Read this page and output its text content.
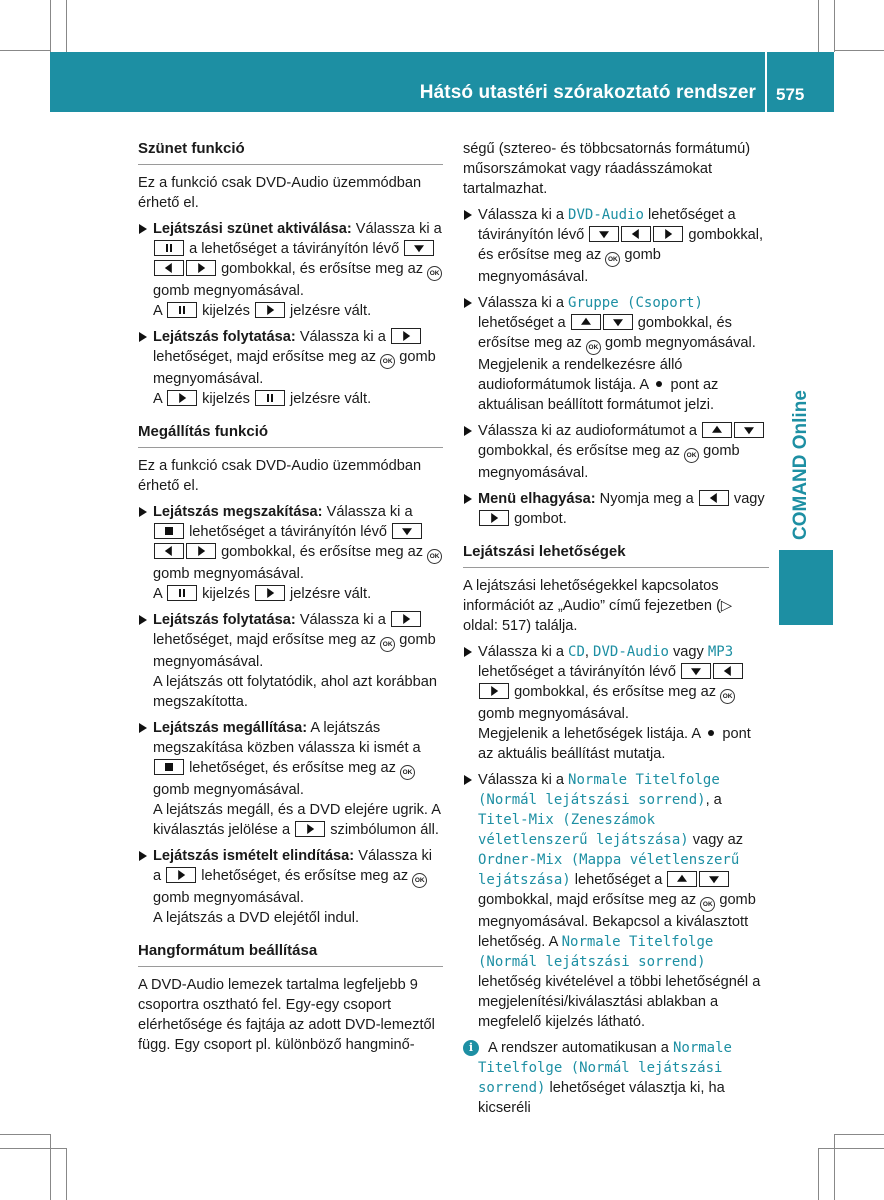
Hátsó utastéri szórakoztató rendszer 575
COMAND Online
Szünet funkció
Ez a funkció csak DVD-Audio üzemmódban érhető el.
Lejátszási szünet aktiválása: Válassza ki a  a lehetőséget a távirányítón lévő  gombokkal, és erősítse meg az OK gomb megnyomásával.
A	kijelzés	jelzésre vált.
Lejátszás folytatása: Válassza ki a  lehetőséget, majd erősítse meg az OK gomb megnyomásával.
A	kijelzés	jelzésre vált.
Megállítás funkció
Ez a funkció csak DVD-Audio üzemmódban érhető el.
Lejátszás megszakítása: Válassza ki a  lehetőséget a távirányítón lévő  gombokkal, és erősítse meg az OK gomb megnyomásával.
A	kijelzés	jelzésre vált.
Lejátszás folytatása: Válassza ki a  lehetőséget, majd erősítse meg az OK gomb megnyomásával.
A lejátszás ott folytatódik, ahol azt korábban megszakította.
Lejátszás megállítása: A lejátszás megszakítása közben válassza ki ismét a  lehetőséget, és erősítse meg az OK gomb megnyomásával.
A lejátszás megáll, és a DVD elejére ugrik. A kiválasztás jelölése a	szimbólumon áll.
Lejátszás ismételt elindítása: Válassza ki a	lehetőséget, és erősítse meg az OK gomb megnyomásával.
A lejátszás a DVD elejétől indul.
Hangformátum beállítása
A DVD-Audio lemezek tartalma legfeljebb 9 csoportra osztható fel. Egy-egy csoport elérhetősége és fajtája az adott DVD-lemeztől függ. Egy csoport pl. különböző hangminő-
ségű (sztereo- és többcsatornás formátumú) műsorszámokat vagy ráadásszámokat tartalmazhat.
Válassza ki a DVD-Audio lehetőséget a távirányítón lévő	gombokkal, és erősítse meg az OK gomb megnyomásával.
Válassza ki a Gruppe (Csoport) lehetőséget a	gombokkal, és erősítse meg az OK gomb megnyomásával.
Megjelenik a rendelkezésre álló audioformátumok listája. A pont az aktuálisan beállított formátumot jelzi.
Válassza ki az audioformátumot a  gombokkal, és erősítse meg az OK gomb megnyomásával.
Menü elhagyása: Nyomja meg a	vagy  gombot.
Lejátszási lehetőségek
A lejátszási lehetőségekkel kapcsolatos információt az „Audio” című fejezetben (▷ oldal: 517) találja.
Válassza ki a CD, DVD-Audio vagy MP3 lehetőséget a távirányítón lévő  gombokkal, és erősítse meg az OK gomb megnyomásával.
Megjelenik a lehetőségek listája. A pont az aktuális beállítást mutatja.
Válassza ki a Normale Titelfolge (Normál lejátszási sorrend), a Titel-Mix (Zeneszámok véletlenszerű lejátszása) vagy az Ordner-Mix (Mappa véletlenszerű lejátszása) lehetőséget a  gombokkal, majd erősítse meg az OK gomb megnyomásával. Bekapcsol a kiválasztott lehetőség. A Normale Titelfolge (Normál lejátszási sorrend) lehetőség kivételével a többi lehetőségnél a megjelenítési/kiválasztási ablakban a megfelelő kijelzés látható.
i	A rendszer automatikusan a Normale Titelfolge (Normál lejátszási sorrend) lehetőséget választja ki, ha kicseréli
